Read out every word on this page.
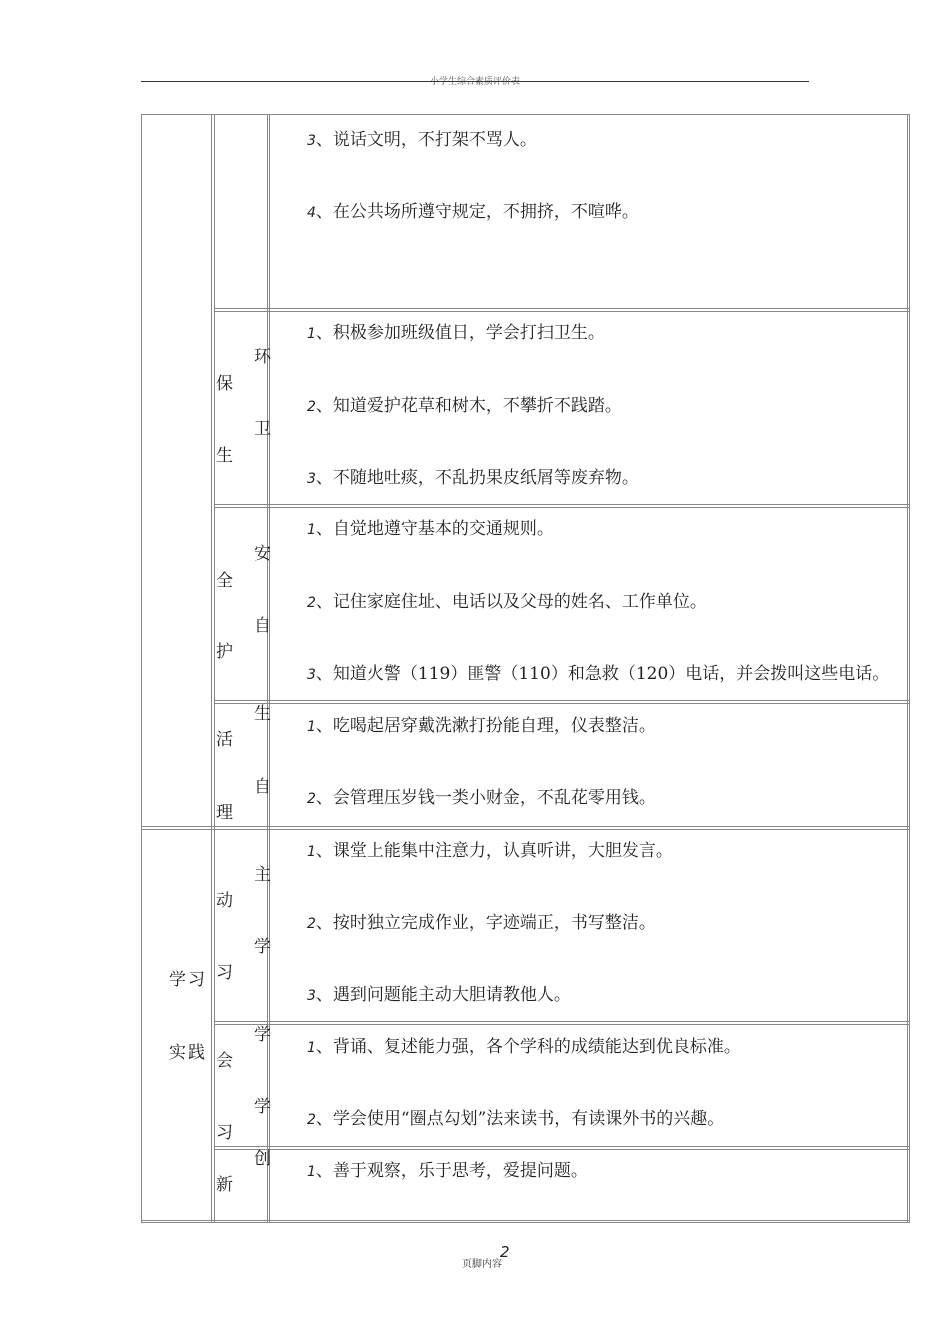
小学生综合素质评价表
学习
实践
3、说话文明，不打架不骂人。
4、在公共场所遵守规定，不拥挤，不喧哗。
环
保
卫
生
1、积极参加班级值日，学会打扫卫生。
2、知道爱护花草和树木，不攀折不践踏。
3、不随地吐痰，不乱扔果皮纸屑等废弃物。
安
全
自
护
1、自觉地遵守基本的交通规则。
2、记住家庭住址、电话以及父母的姓名、工作单位。
3、知道火警（119）匪警（110）和急救（120）电话，并会拨叫这些电话。
生
活
自
理
1、吃喝起居穿戴洗漱打扮能自理，仪表整洁。
2、会管理压岁钱一类小财金，不乱花零用钱。
主
动
学
习
1、课堂上能集中注意力，认真听讲，大胆发言。
2、按时独立完成作业，字迹端正，书写整洁。
3、遇到问题能主动大胆请教他人。
学
会
学
习
1、背诵、复述能力强，各个学科的成绩能达到优良标准。
2、学会使用“圈点勾划”法来读书，有读课外书的兴趣。
创
新
1、善于观察，乐于思考，爱提问题。
页脚内容
2
